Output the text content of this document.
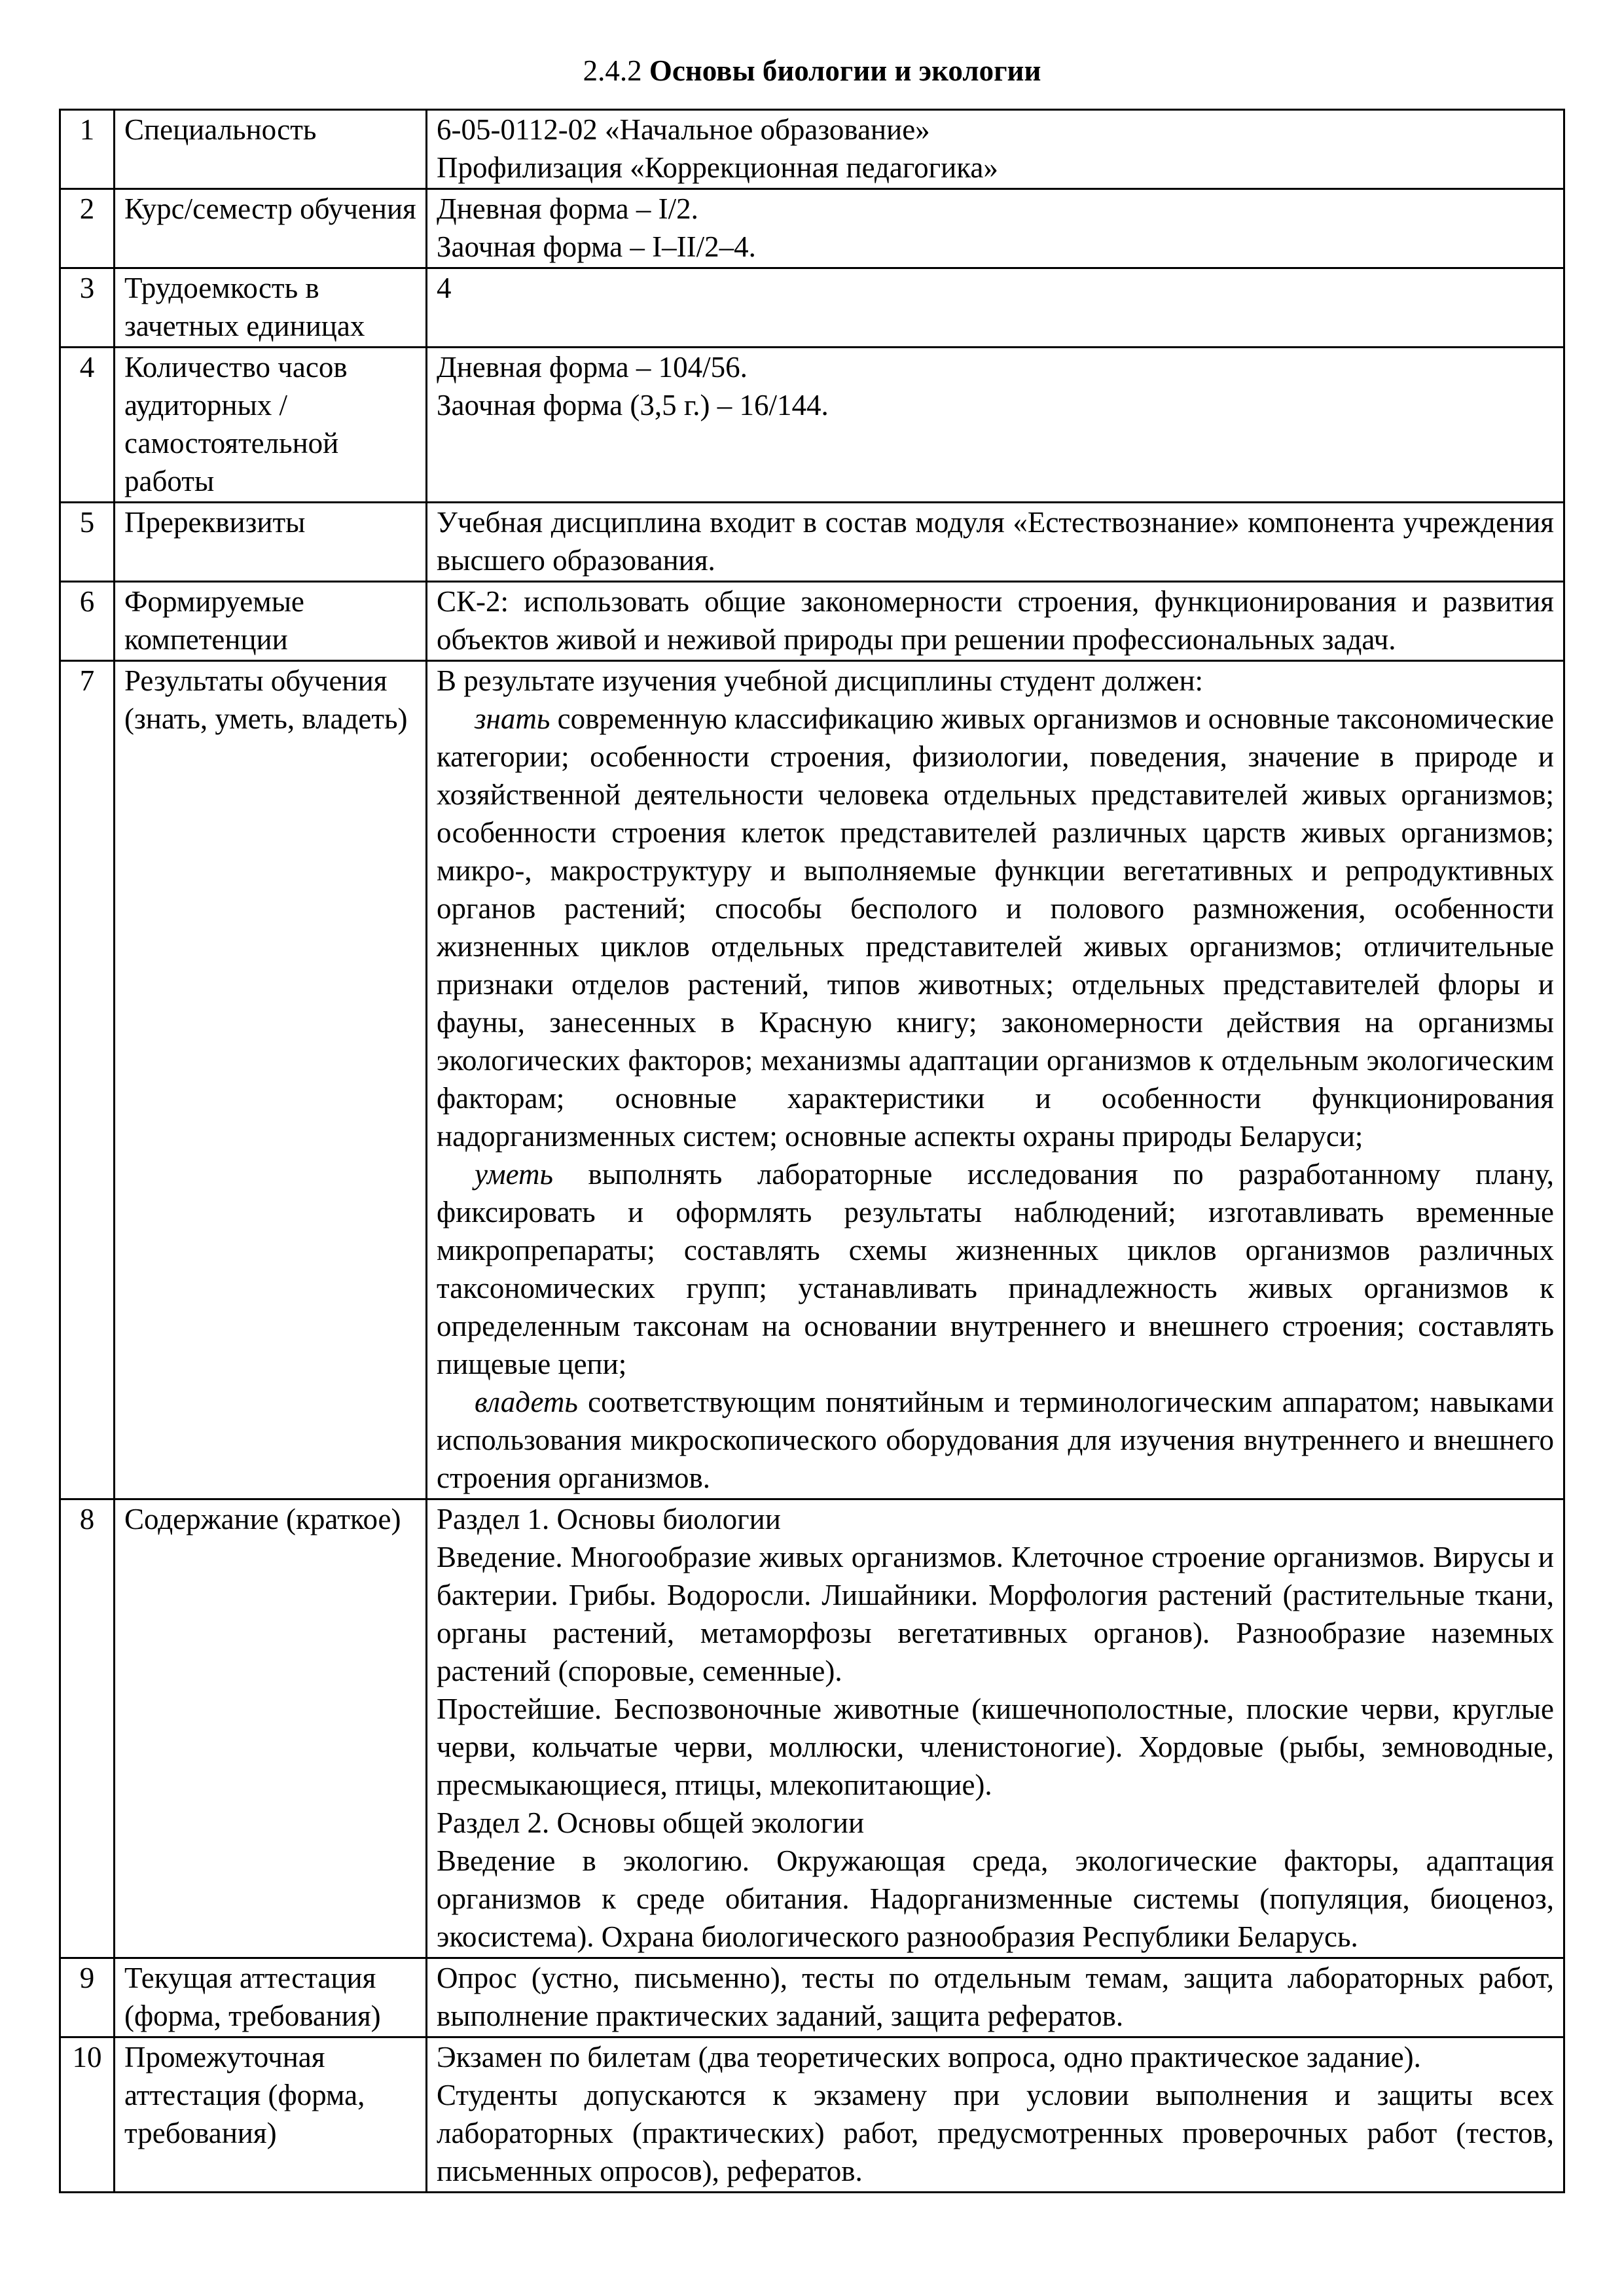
2.4.2 Основы биологии и экологии
1	Специальность	6-05-0112-02 «Начальное образование»

Профилизация «Коррекционная педагогика»

2	Курс/семестр обучения	Дневная форма – I/2.

Заочная форма – I–II/2–4.

3	Трудоемкость в зачетных единицах	4

4	Количество часов аудиторных / самостоятельной работы	Дневная форма – 104/56.

Заочная форма (3,5 г.) – 16/144.

5	Пререквизиты	Учебная дисциплина входит в состав модуля «Естествознание» компонента учреждения высшего образования.
6	Формируемые компетенции	СК-2: использовать общие закономерности строения, функционирования и развития объектов живой и неживой природы при решении профессиональных задач.
7	Результаты обучения (знать, уметь, владеть)	В результате изучения учебной дисциплины студент должен:

знать современную классификацию живых организмов и основные таксономические категории; особенности строения, физиологии, поведения, значение в природе и хозяйственной деятельности человека отдельных представителей живых организмов; особенности строения клеток представителей различных царств живых организмов; микро-, макроструктуру и выполняемые функции вегетативных и репродуктивных органов растений; способы бесполого и полового размножения, особенности жизненных циклов отдельных представителей живых организмов; отличительные признаки отделов растений, типов животных; отдельных представителей флоры и фауны, занесенных в Красную книгу; закономерности действия на организмы экологических факторов; механизмы адаптации организмов к отдельным экологическим факторам; основные характеристики и особенности функционирования надорганизменных систем; основные аспекты охраны природы Беларуси;

уметь выполнять лабораторные исследования по разработанному плану, фиксировать и оформлять результаты наблюдений; изготавливать временные микропрепараты; составлять схемы жизненных циклов организмов различных таксономических групп; устанавливать принадлежность живых организмов к определенным таксонам на основании внутреннего и внешнего строения; составлять пищевые цепи;

владеть соответствующим понятийным и терминологическим аппаратом; навыками использования микроскопического оборудования для изучения внутреннего и внешнего строения организмов.

8	Содержание (краткое)	Раздел 1. Основы биологии

Введение. Многообразие живых организмов. Клеточное строение организмов. Вирусы и бактерии. Грибы. Водоросли. Лишайники. Морфология растений (растительные ткани, органы растений, метаморфозы вегетативных органов). Разнообразие наземных растений (споровые, семенные).

Простейшие. Беспозвоночные животные (кишечнополостные, плоские черви, круглые черви, кольчатые черви, моллюски, членистоногие). Хордовые (рыбы, земноводные, пресмыкающиеся, птицы, млекопитающие).

Раздел 2. Основы общей экологии

Введение в экологию. Окружающая среда, экологические факторы, адаптация организмов к среде обитания. Надорганизменные системы (популяция, биоценоз, экосистема). Охрана биологического разнообразия Республики Беларусь.

9	Текущая аттестация (форма, требования)	Опрос (устно, письменно), тесты по отдельным темам, защита лабораторных работ, выполнение практических заданий, защита рефератов.
10	Промежуточная аттестация (форма, требования)	Экзамен по билетам (два теоретических вопроса, одно практическое задание).

Студенты допускаются к экзамену при условии выполнения и защиты всех лабораторных (практических) работ, предусмотренных проверочных работ (тестов, письменных опросов), рефератов.
